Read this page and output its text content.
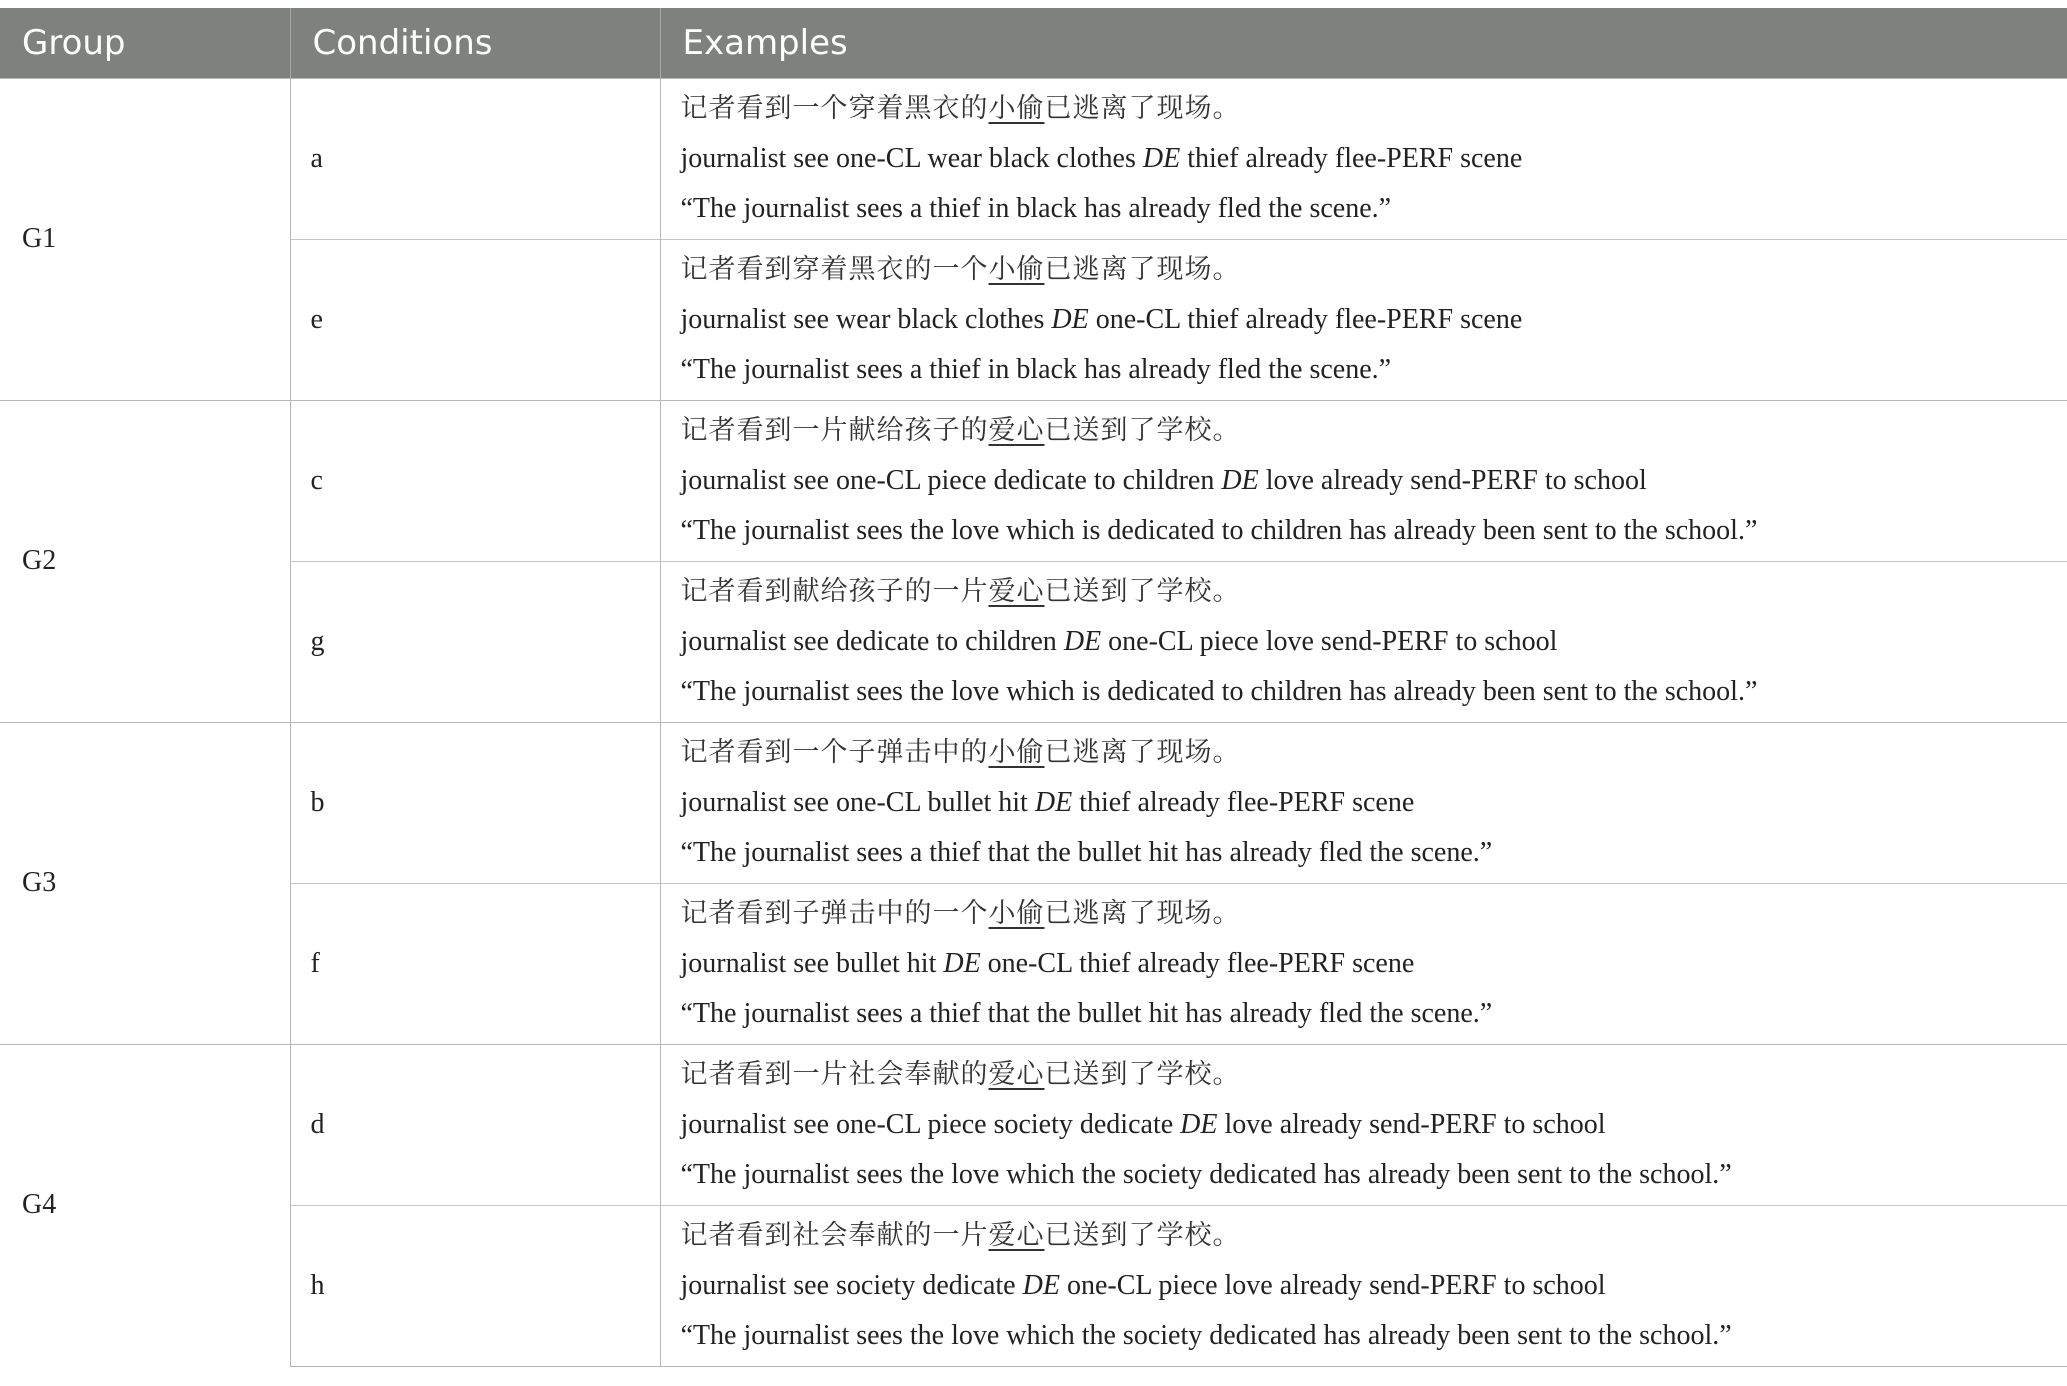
Group	Conditions	Examples
G1	a	记者看到一个穿着黑衣的小偷已逃离了现场。
journalist see one-CL wear black clothes DE thief already flee-PERF scene
“The journalist sees a thief in black has already fled the scene.”

	e	记者看到穿着黑衣的一个小偷已逃离了现场。
journalist see wear black clothes DE one-CL thief already flee-PERF scene
“The journalist sees a thief in black has already fled the scene.”

G2	c	记者看到一片献给孩子的爱心已送到了学校。
journalist see one-CL piece dedicate to children DE love already send-PERF to school
“The journalist sees the love which is dedicated to children has already been sent to the school.”

	g	记者看到献给孩子的一片爱心已送到了学校。
journalist see dedicate to children DE one-CL piece love send-PERF to school
“The journalist sees the love which is dedicated to children has already been sent to the school.”

G3	b	记者看到一个子弹击中的小偷已逃离了现场。
journalist see one-CL bullet hit DE thief already flee-PERF scene
“The journalist sees a thief that the bullet hit has already fled the scene.”

	f	记者看到子弹击中的一个小偷已逃离了现场。
journalist see bullet hit DE one-CL thief already flee-PERF scene
“The journalist sees a thief that the bullet hit has already fled the scene.”

G4	d	记者看到一片社会奉献的爱心已送到了学校。
journalist see one-CL piece society dedicate DE love already send-PERF to school
“The journalist sees the love which the society dedicated has already been sent to the school.”

	h	记者看到社会奉献的一片爱心已送到了学校。
journalist see society dedicate DE one-CL piece love already send-PERF to school
“The journalist sees the love which the society dedicated has already been sent to the school.”
